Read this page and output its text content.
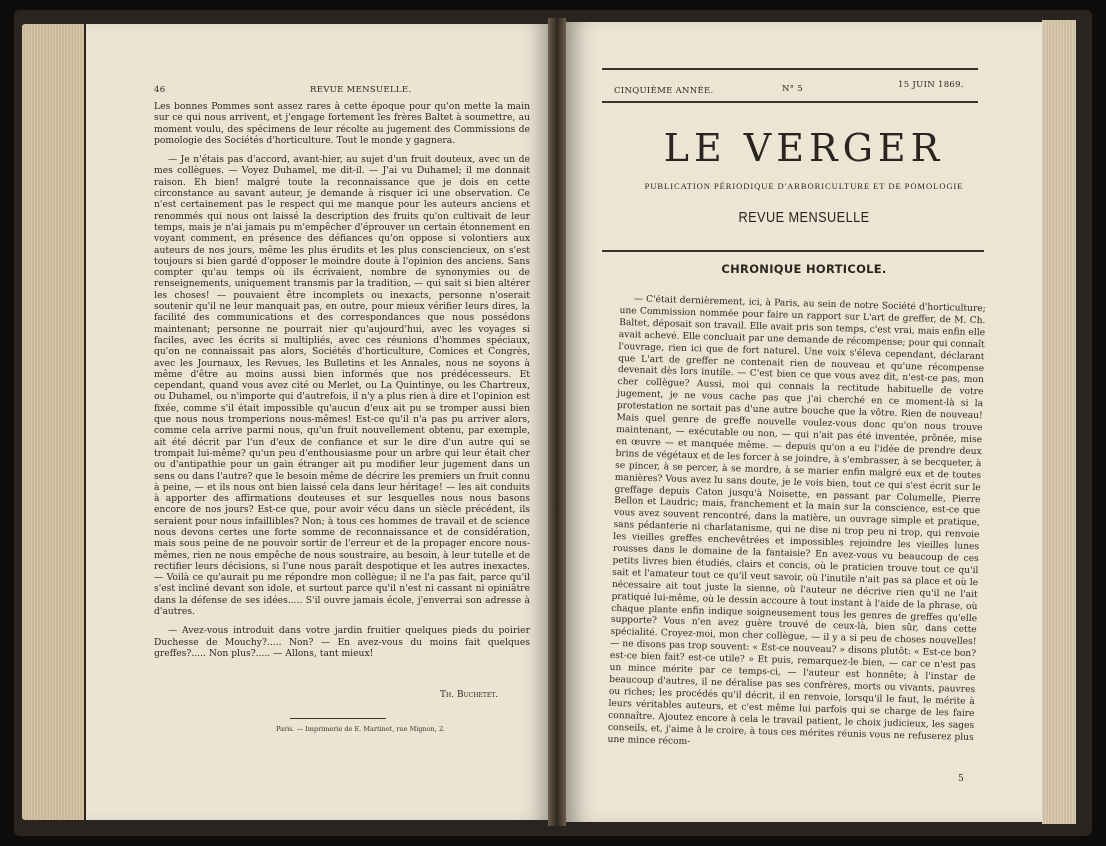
46	REVUE MENSUELLE.

Les bonnes Pommes sont assez rares à cette époque pour qu'on mette la main sur ce qui nous arrivent, et j'engage fortement les frères Baltet à soumettre, au moment voulu, des spécimens de leur récolte au jugement des Commissions de pomologie des Sociétés d'horticulture. Tout le monde y gagnera.

— Je n'étais pas d'accord, avant-hier, au sujet d'un fruit douteux, avec un de mes collègues. — Voyez Duhamel, me dit-il. — J'ai vu Duhamel; il me donnait raison. Eh bien! malgré toute la reconnaissance que je dois en cette circonstance au savant auteur, je demande à risquer ici une observation. Ce n'est certainement pas le respect qui me manque pour les auteurs anciens et renommés qui nous ont laissé la description des fruits qu'on cultivait de leur temps, mais je n'ai jamais pu m'empêcher d'éprouver un certain étonnement en voyant comment, en présence des défiances qu'on oppose si volontiers aux auteurs de nos jours, même les plus érudits et les plus consciencieux, on s'est toujours si bien gardé d'opposer le moindre doute à l'opinion des anciens. Sans compter qu'au temps où ils écrivaient, nombre de synonymies ou de renseignements, uniquement transmis par la tradition, — qui sait si bien altérer les choses! — pouvaient être incomplets ou inexacts, personne n'oserait soutenir qu'il ne leur manquait pas, en outre, pour mieux vérifier leurs dires, la facilité des communications et des correspondances que nous possédons maintenant; personne ne pourrait nier qu'aujourd'hui, avec les voyages si faciles, avec les écrits si multipliés, avec ces réunions d'hommes spéciaux, qu'on ne connaissait pas alors, Sociétés d'horticulture, Comices et Congrès, avec les Journaux, les Revues, les Bulletins et les Annales, nous ne soyons à même d'être au moins aussi bien informés que nos prédécesseurs. Et cependant, quand vous avez cité ou Merlet, ou La Quintinye, ou les Chartreux, ou Duhamel, ou n'importe qui d'autrefois, il n'y a plus rien à dire et l'opinion est fixée, comme s'il était impossible qu'aucun d'eux ait pu se tromper aussi bien que nous nous tromperions nous-mêmes! Est-ce qu'il n'a pas pu arriver alors, comme cela arrive parmi nous, qu'un fruit nouvellement obtenu, par exemple, ait été décrit par l'un d'eux de confiance et sur le dire d'un autre qui se trompait lui-même? qu'un peu d'enthousiasme pour un arbre qui leur était cher ou d'antipathie pour un gain étranger ait pu modifier leur jugement dans un sens ou dans l'autre? que le besoin même de décrire les premiers un fruit connu à peine, — et ils nous ont bien laissé cela dans leur héritage! — les ait conduits à apporter des affirmations douteuses et sur lesquelles nous nous basons encore de nos jours? Est-ce que, pour avoir vécu dans un siècle précédent, ils seraient pour nous infaillibles? Non; à tous ces hommes de travail et de science nous devons certes une forte somme de reconnaissance et de considération, mais sous peine de ne pouvoir sortir de l'erreur et de la propager encore nous-mêmes, rien ne nous empêche de nous soustraire, au besoin, à leur tutelle et de rectifier leurs décisions, si l'une nous paraît despotique et les autres inexactes. — Voilà ce qu'aurait pu me répondre mon collègue; il ne l'a pas fait, parce qu'il s'est incliné devant son idole, et surtout parce qu'il n'est ni cassant ni opiniâtre dans la défense de ses idées..... S'il ouvre jamais école, j'enverrai son adresse à d'autres.

— Avez-vous introduit dans votre jardin fruitier quelques pieds du poirier Duchesse de Mouchy?..... Non? — En avez-vous du moins fait quelques greffes?..... Non plus?..... — Allons, tant mieux!

Th. Buchetet.
Paris. — Imprimerie de E. Martinet, rue Mignon, 2.
CINQUIÈME ANNÉE.	N° 5	15 JUIN 1869.
LE VERGER
PUBLICATION PÉRIODIQUE D'ARBORICULTURE ET DE POMOLOGIE
REVUE MENSUELLE
CHRONIQUE HORTICOLE.

— C'était dernièrement, ici, à Paris, au sein de notre Société d'horticulture; une Commission nommée pour faire un rapport sur L'art de greffer, de M. Ch. Baltet, déposait son travail. Elle avait pris son temps, c'est vrai, mais enfin elle avait achevé. Elle concluait par une demande de récompense; pour qui connaît l'ouvrage, rien ici que de fort naturel. Une voix s'éleva cependant, déclarant que L'art de greffer ne contenait rien de nouveau et qu'une récompense devenait dès lors inutile. — C'est bien ce que vous avez dit, n'est-ce pas, mon cher collègue? Aussi, moi qui connais la rectitude habituelle de votre jugement, je ne vous cache pas que j'ai cherché en ce moment-là si la protestation ne sortait pas d'une autre bouche que la vôtre. Rien de nouveau! Mais quel genre de greffe nouvelle voulez-vous donc qu'on nous trouve maintenant, — exécutable ou non, — qui n'ait pas été inventée, prônée, mise en œuvre — et manquée même. — depuis qu'on a eu l'idée de prendre deux brins de végétaux et de les forcer à se joindre, à s'embrasser, à se becqueter, à se pincer, à se percer, à se mordre, à se marier enfin malgré eux et de toutes manières? Vous avez lu sans doute, je le vois bien, tout ce qui s'est écrit sur le greffage depuis Caton jusqu'à Noisette, en passant par Columelle, Pierre Bellon et Laudric; mais, franchement et la main sur la conscience, est-ce que vous avez souvent rencontré, dans la matière, un ouvrage simple et pratique, sans pédanterie ni charlatanisme, qui ne dise ni trop peu ni trop, qui renvoie les vieilles greffes enchevêtrées et impossibles rejoindre les vieilles lunes rousses dans le domaine de la fantaisie? En avez-vous vu beaucoup de ces petits livres bien étudiés, clairs et concis, où le praticien trouve tout ce qu'il sait et l'amateur tout ce qu'il veut savoir, où l'inutile n'ait pas sa place et où le nécessaire ait tout juste la sienne, où l'auteur ne décrive rien qu'il ne l'ait pratiqué lui-même, où le dessin accoure à tout instant à l'aide de la phrase, où chaque plante enfin indique soigneusement tous les genres de greffes qu'elle supporte? Vous n'en avez guère trouvé de ceux-là, bien sûr, dans cette spécialité. Croyez-moi, mon cher collègue, — il y a si peu de choses nouvelles! — ne disons pas trop souvent: « Est-ce nouveau? » disons plutôt: « Est-ce bon? est-ce bien fait? est-ce utile? » Et puis, remarquez-le bien, — car ce n'est pas un mince mérite par ce temps-ci, — l'auteur est honnête; à l'instar de beaucoup d'autres, il ne déralise pas ses confrères, morts ou vivants, pauvres ou riches; les procédés qu'il décrit, il en renvoie, lorsqu'il le faut, le mérite à leurs véritables auteurs, et c'est même lui parfois qui se charge de les faire connaître. Ajoutez encore à cela le travail patient, le choix judicieux, les sages conseils, et, j'aime à le croire, à tous ces mérites réunis vous ne refuserez plus une mince récom-

5
